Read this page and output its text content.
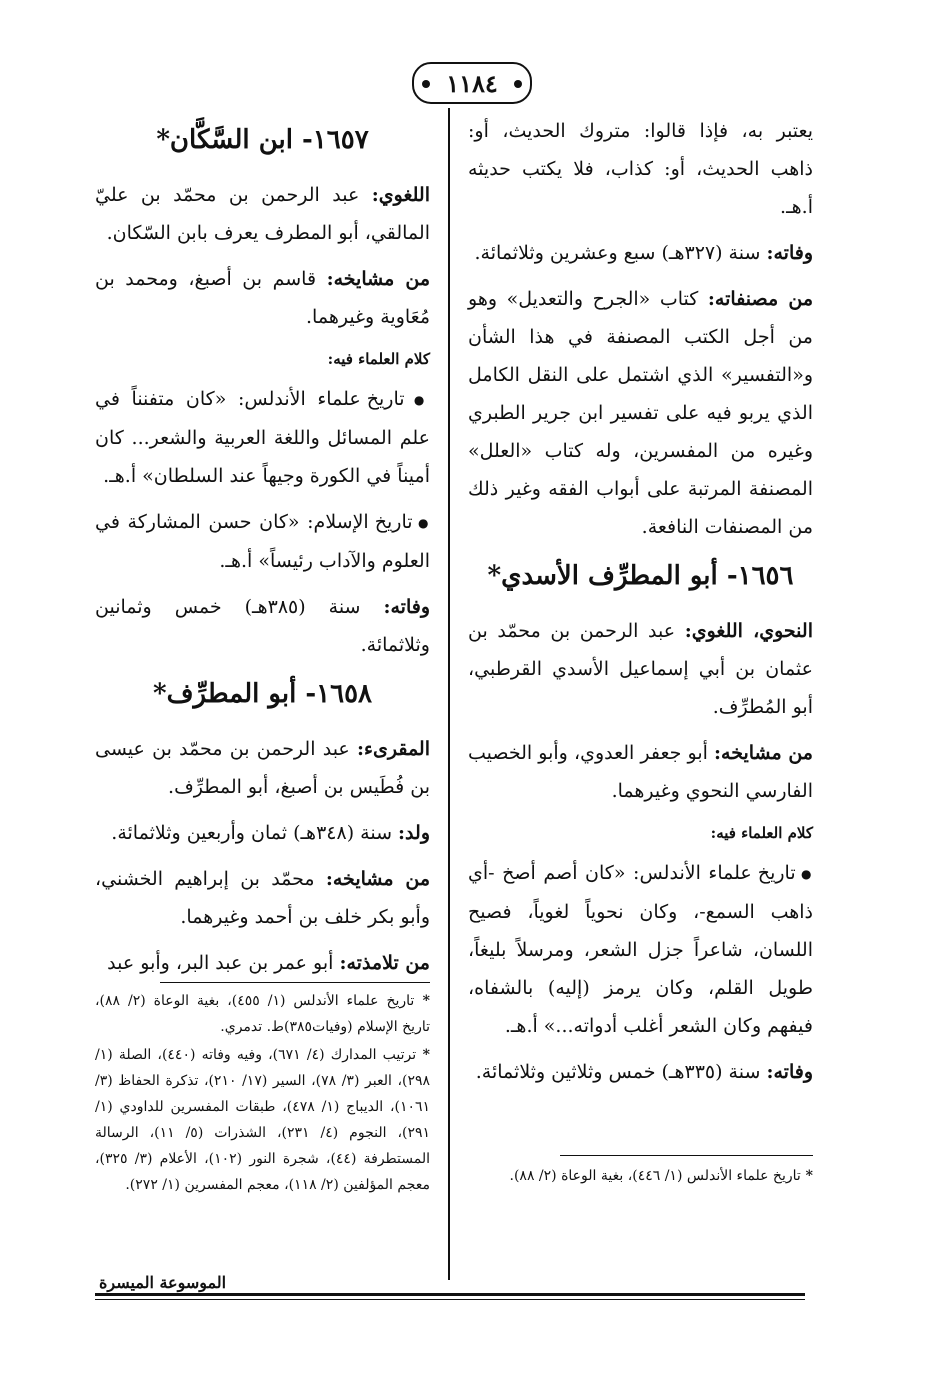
١١٨٤

يعتبر به، فإذا قالوا: متروك الحديث، أو: ذاهب الحديث، أو: كذاب، فلا يكتب حديثه أ.هـ.

وفاته: سنة (٣٢٧هـ) سبع وعشرين وثلاثمائة.

من مصنفاته: كتاب «الجرح والتعديل» وهو من أجل الكتب المصنفة في هذا الشأن و«التفسير» الذي اشتمل على النقل الكامل الذي يربو فيه على تفسير ابن جرير الطبري وغيره من المفسرين، وله كتاب «العلل» المصنفة المرتبة على أبواب الفقه وغير ذلك من المصنفات النافعة.

١٦٥٦- أبو المطرِّف الأسدي*

النحوي، اللغوي: عبد الرحمن بن محمّد بن عثمان بن أبي إسماعيل الأسدي القرطبي، أبو المُطرِّف.

من مشايخه: أبو جعفر العدوي، وأبو الخصيب الفارسي النحوي وغيرهما.

كلام العلماء فيه:

● تاريخ علماء الأندلس: «كان أصم أصخ -أي ذاهب السمع-، وكان نحوياً لغوياً، فصيح اللسان، شاعراً جزل الشعر، ومرسلاً بليغاً، طويل القلم، وكان يرمز (إليه) بالشفاه، فيفهم وكان الشعر أغلب أدواته...» أ.هـ.

وفاته: سنة (٣٣٥هـ) خمس وثلاثين وثلاثمائة.

١٦٥٧- ابن السَّكَّان*

اللغوي: عبد الرحمن بن محمّد بن عليّ المالقي، أبو المطرف يعرف بابن السّكان.

من مشايخه: قاسم بن أصبغ، ومحمد بن مُعَاوية وغيرهما.

كلام العلماء فيه:

● تاريخ علماء الأندلس: «كان متفنناً في علم المسائل واللغة العربية والشعر... كان أميناً في الكورة وجيهاً عند السلطان» أ.هـ.

● تاريخ الإسلام: «كان حسن المشاركة في العلوم والآداب رئيساً» أ.هـ.

وفاته: سنة (٣٨٥هـ) خمس وثمانين وثلاثمائة.

١٦٥٨- أبو المطرِّف*

المقرىء: عبد الرحمن بن محمّد بن عيسى بن فُطَيس بن أصبغ، أبو المطرِّف.

ولد: سنة (٣٤٨هـ) ثمان وأربعين وثلاثمائة.

من مشايخه: محمّد بن إبراهيم الخشني، وأبو بكر خلف بن أحمد وغيرهما.

من تلامذته: أبو عمر بن عبد البر، وأبو عبد

* تاريخ علماء الأندلس (١/ ٤٥٥)، بغية الوعاة (٢/ ٨٨)، تاريخ الإسلام (وفيات٣٨٥)ط. تدمري.

* ترتيب المدارك (٤/ ٦٧١)، وفيه وفاته (٤٤٠)، الصلة (١/ ٢٩٨)، العبر (٣/ ٧٨)، السير (١٧/ ٢١٠)، تذكرة الحفاظ (٣/ ١٠٦١)، الديباج (١/ ٤٧٨)، طبقات المفسرين للداودي (١/ ٢٩١)، النجوم (٤/ ٢٣١)، الشذرات (٥/ ١١)، الرسالة المستطرفة (٤٤)، شجرة النور (١٠٢)، الأعلام (٣/ ٣٢٥)، معجم المؤلفين (٢/ ١١٨)، معجم المفسرين (١/ ٢٧٢).

* تاريخ علماء الأندلس (١/ ٤٤٦)، بغية الوعاة (٢/ ٨٨).

الموسوعة الميسرة
